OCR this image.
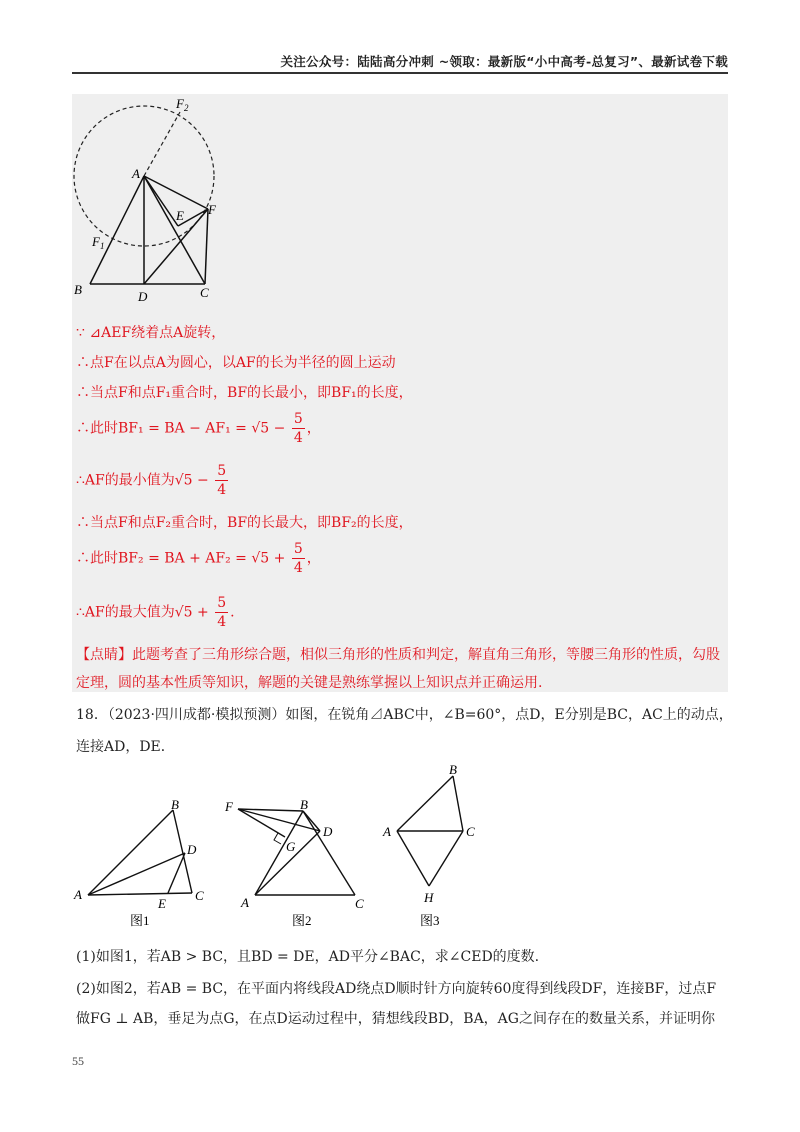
关注公众号：陆陆高分冲刺 ~领取：最新版“小中高考-总复习”、最新试卷下载
$F_2$
A
E F
$F_1$
B	D	C
∵ ⊿AEF绕着点A旋转，
∴点F在以点A为圆心，以AF的长为半径的圆上运动
∴当点F和点F₁重合时，BF的长最小，即BF₁的长度，
∴此时BF₁ = BA − $AF_1 = √5 - \frac{5}{4}$ ，
∴AF的最小值为$√5 - \frac{5}{4}$
∴当点F和点F₂重合时，BF的长最大，即BF₂的长度，
∴此时BF₂ = BA + $AF_2 = √5 + \frac{5}{4}$ ，
∴AF的最大值为$√5 + \frac{5}{4}$ .
【点睛】此题考查了三角形综合题，相似三角形的性质和判定，解直角三角形，等腰三角形的性质，勾股
定理，圆的基本性质等知识，解题的关键是熟练掌握以上知识点并正确运用.
18．（2023·四川成都·模拟预测）如图，在锐角⊿ABC中，∠B=60°，点D，E分别是BC，AC上的动点，
连接AD，DE．
B
D
A
E
C
图1
F	B
D
G
A	C
图2
B
A	C
H
图3
(1)如图1，若AB > BC，且BD = DE，AD平分∠BAC，求∠CED的度数.
(2)如图2，若AB = BC，在平面内将线段AD绕点D顺时针方向旋转60度得到线段DF，连接BF，过点F
做FG ⊥ AB，垂足为点G，在点D运动过程中，猜想线段BD，BA，AG之间存在的数量关系，并证明你
55
